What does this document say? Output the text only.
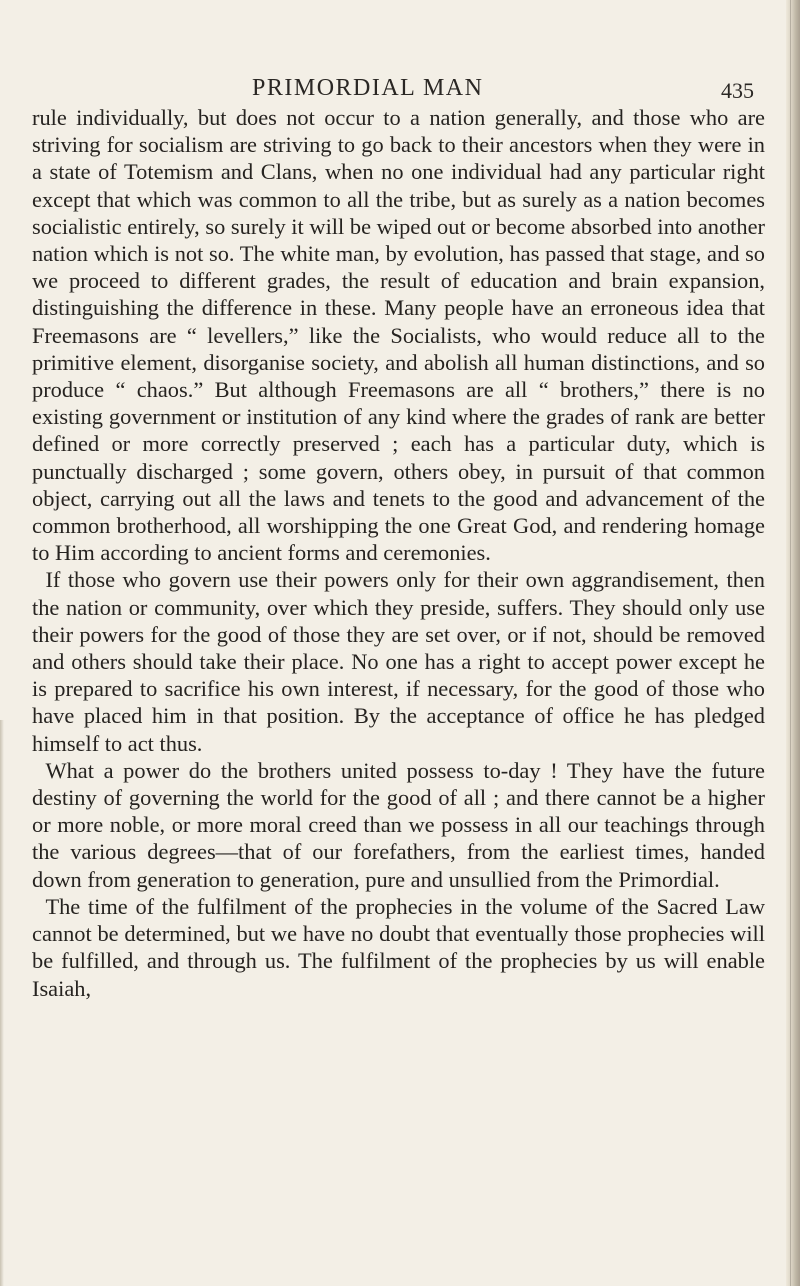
PRIMORDIAL MAN	435

rule individually, but does not occur to a nation generally, and those who are striving for socialism are striving to go back to their ancestors when they were in a state of Totemism and Clans, when no one individual had any particular right except that which was common to all the tribe, but as surely as a nation becomes socialistic entirely, so surely it will be wiped out or become absorbed into another nation which is not so. The white man, by evolution, has passed that stage, and so we proceed to different grades, the result of education and brain expansion, distinguishing the difference in these. Many people have an erroneous idea that Freemasons are “ levellers,” like the Socialists, who would reduce all to the primitive element, disorganise society, and abolish all human distinctions, and so produce “ chaos.” But although Freemasons are all “ brothers,” there is no existing government or institution of any kind where the grades of rank are better defined or more correctly preserved ; each has a particular duty, which is punctually discharged ; some govern, others obey, in pursuit of that common object, carrying out all the laws and tenets to the good and advancement of the common brotherhood, all worshipping the one Great God, and rendering homage to Him according to ancient forms and ceremonies.

If those who govern use their powers only for their own aggrandisement, then the nation or community, over which they preside, suffers. They should only use their powers for the good of those they are set over, or if not, should be removed and others should take their place. No one has a right to accept power except he is prepared to sacrifice his own interest, if necessary, for the good of those who have placed him in that position. By the acceptance of office he has pledged himself to act thus.

What a power do the brothers united possess to-day ! They have the future destiny of governing the world for the good of all ; and there cannot be a higher or more noble, or more moral creed than we possess in all our teachings through the various degrees—that of our forefathers, from the earliest times, handed down from generation to generation, pure and unsullied from the Primordial.

The time of the fulfilment of the prophecies in the volume of the Sacred Law cannot be determined, but we have no doubt that eventually those prophecies will be fulfilled, and through us. The fulfilment of the prophecies by us will enable Isaiah,
